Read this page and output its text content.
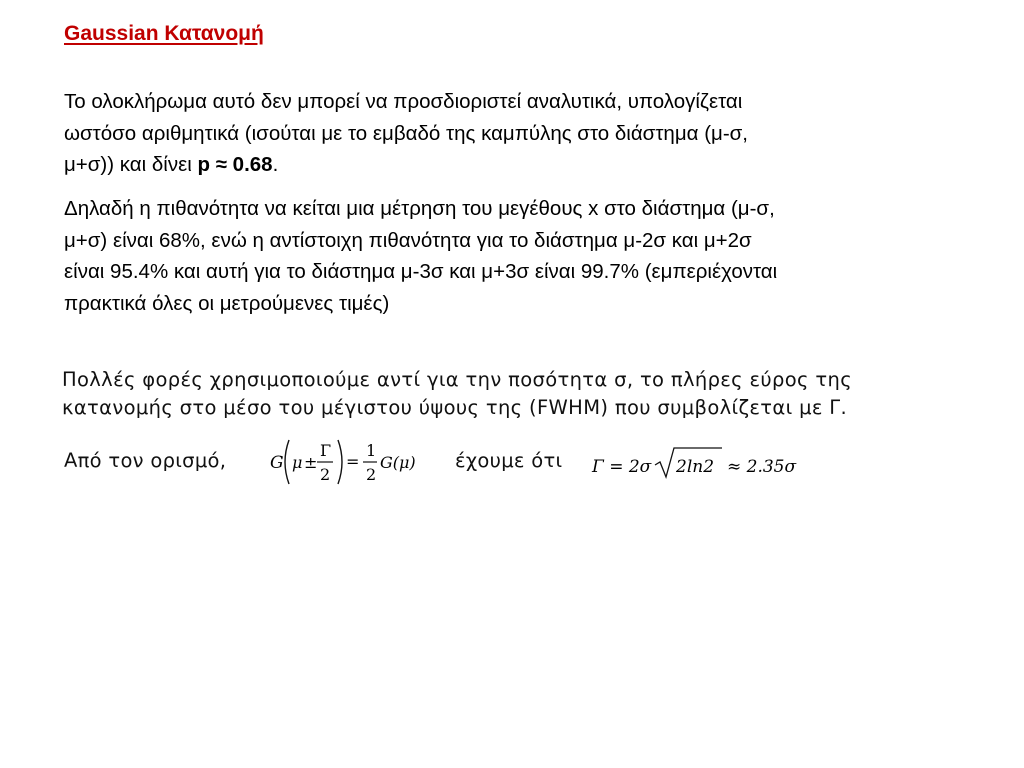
Gaussian Κατανομή
Το ολοκλήρωμα αυτό δεν μπορεί να προσδιοριστεί αναλυτικά, υπολογίζεται
ωστόσο αριθμητικά (ισούται με το εμβαδό της καμπύλης στο διάστημα (μ-σ,
μ+σ)) και δίνει p ≈ 0.68.
Δηλαδή η πιθανότητα να κείται μια μέτρηση του μεγέθους x στο διάστημα (μ-σ,
μ+σ) είναι 68%, ενώ η αντίστοιχη πιθανότητα για το διάστημα μ-2σ και μ+2σ
είναι 95.4% και αυτή για το διάστημα μ-3σ και μ+3σ είναι 99.7% (εμπεριέχονται
πρακτικά όλες οι μετρούμενες τιμές)
Πολλές φορές χρησιμοποιούμε αντί για την ποσότητα σ, το πλήρες εύρος της
κατανομής στο μέσο του μέγιστου ύψους της (FWHM) που συμβολίζεται με Γ.
Από τον ορισμό,	G μ ±
Γ
2
=
1
2
G(μ) έχουμε ότι Γ = 2σ 2ln2 ≈ 2.35σ
